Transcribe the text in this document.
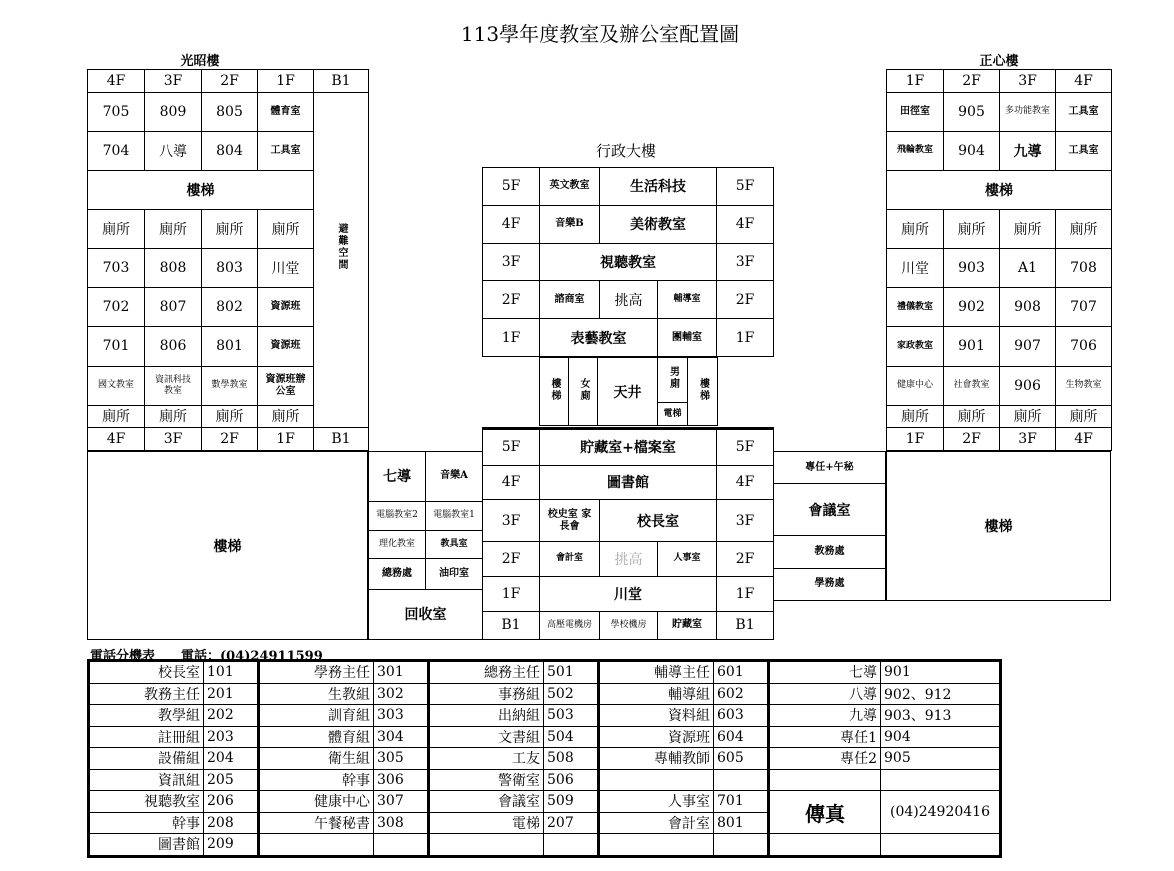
113學年度教室及辦公室配置圖
光昭樓	正心樓
4F	3F	2F	1F	B1
705	809	805	體育室	避難空間
704	八導	804	工具室	
樓梯				
廁所	廁所	廁所	廁所	
703	808	803	川堂	
702	807	802	資源班	
701	806	801	資源班	
國文教室	資訊科技教室	數學教室	資源班辦公室	
廁所	廁所	廁所	廁所	
4F	3F	2F	1F	B1
樓梯
1F	2F	3F	4F
田徑室	905	多功能教室	工具室
飛輪教室	904	九導	工具室
樓梯			
廁所	廁所	廁所	廁所
川堂	903	A1	708
禮儀教室	902	908	707
家政教室	901	907	706
健康中心	社會教室	906	生物教室
廁所	廁所	廁所	廁所
1F	2F	3F	4F
樓梯
行政大樓
5F	英文教室	生活科技		5F
4F	音樂B	美術教室		4F
3F	視聽教室			3F
2F	諮商室	挑高	輔導室	2F
1F	表藝教室		團輔室	1F
樓梯	女廁	天井	男廁	樓梯
電梯
5F	貯藏室+檔案室			5F
4F	圖書館			4F
3F	校史室 家長會	校長室		3F
2F	會計室	挑高	人事室	2F
1F	川堂			1F
B1	高壓電機房	學校機房	貯藏室	B1
七導	音樂A
電腦教室2	電腦教室1
理化教室	教具室
總務處	油印室
回收室	
專任+午秘
會議室
教務處
學務處
電話分機表　　電話：(04)24911599
校長室	101	學務主任	301	總務主任	501	輔導主任	601	七導	901
教務主任	201	生教組	302	事務組	502	輔導組	602	八導	902、912
教學組	202	訓育組	303	出納組	503	資料組	603	九導	903、913
註冊組	203	體育組	304	文書組	504	資源班	604	專任1	904
設備組	204	衛生組	305	工友	508	專輔教師	605	專任2	905
資訊組	205	幹事	306	警衛室	506				
視聽教室	206	健康中心	307	會議室	509	人事室	701	傳真	(04)24920416
幹事	208	午餐秘書	308	電梯	207	會計室	801		
圖書館	209								
